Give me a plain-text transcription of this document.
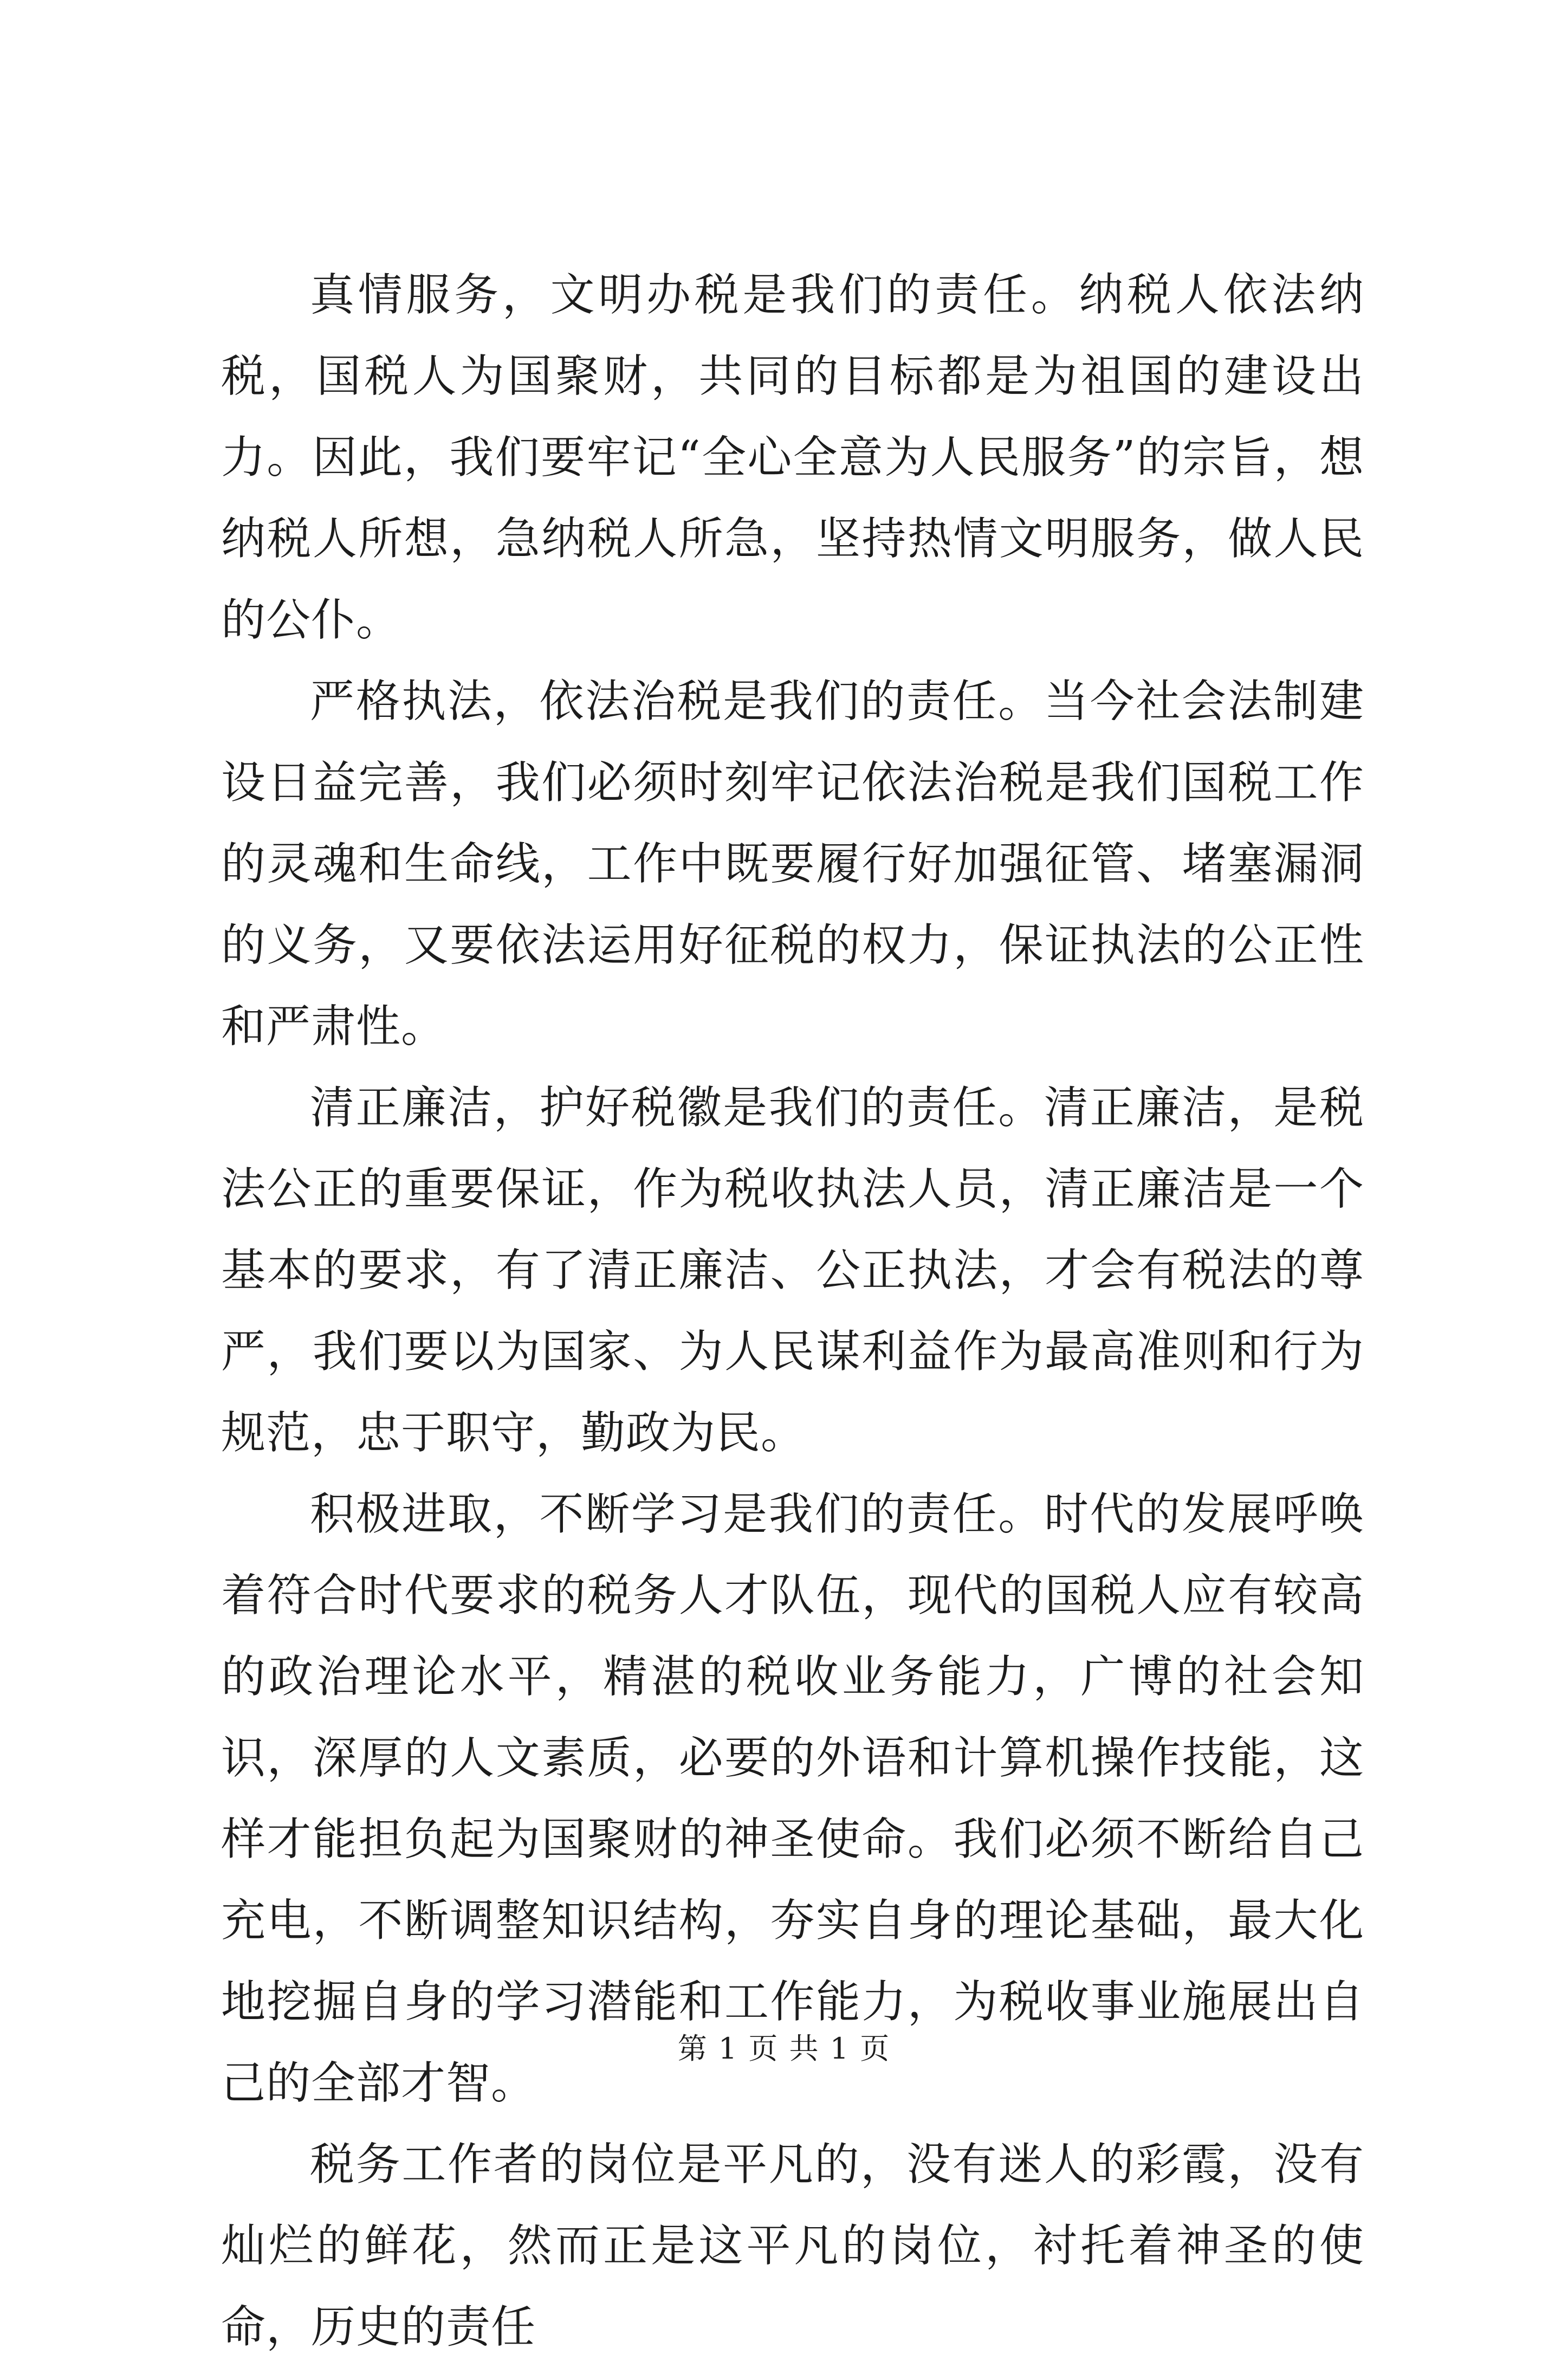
真情服务，文明办税是我们的责任。纳税人依法纳税，国税人为国聚财，共同的目标都是为祖国的建设出力。因此，我们要牢记“全心全意为人民服务”的宗旨，想纳税人所想，急纳税人所急，坚持热情文明服务，做人民的公仆。

严格执法，依法治税是我们的责任。当今社会法制建设日益完善，我们必须时刻牢记依法治税是我们国税工作的灵魂和生命线，工作中既要履行好加强征管、堵塞漏洞的义务，又要依法运用好征税的权力，保证执法的公正性和严肃性。

清正廉洁，护好税徽是我们的责任。清正廉洁，是税法公正的重要保证，作为税收执法人员，清正廉洁是一个基本的要求，有了清正廉洁、公正执法，才会有税法的尊严，我们要以为国家、为人民谋利益作为最高准则和行为规范，忠于职守，勤政为民。

积极进取，不断学习是我们的责任。时代的发展呼唤着符合时代要求的税务人才队伍，现代的国税人应有较高的政治理论水平，精湛的税收业务能力，广博的社会知识，深厚的人文素质，必要的外语和计算机操作技能，这样才能担负起为国聚财的神圣使命。我们必须不断给自己充电，不断调整知识结构，夯实自身的理论基础，最大化地挖掘自身的学习潜能和工作能力，为税收事业施展出自己的全部才智。

税务工作者的岗位是平凡的，没有迷人的彩霞，没有灿烂的鲜花，然而正是这平凡的岗位，衬托着神圣的使命，历史的责任

第 1 页 共 1 页
